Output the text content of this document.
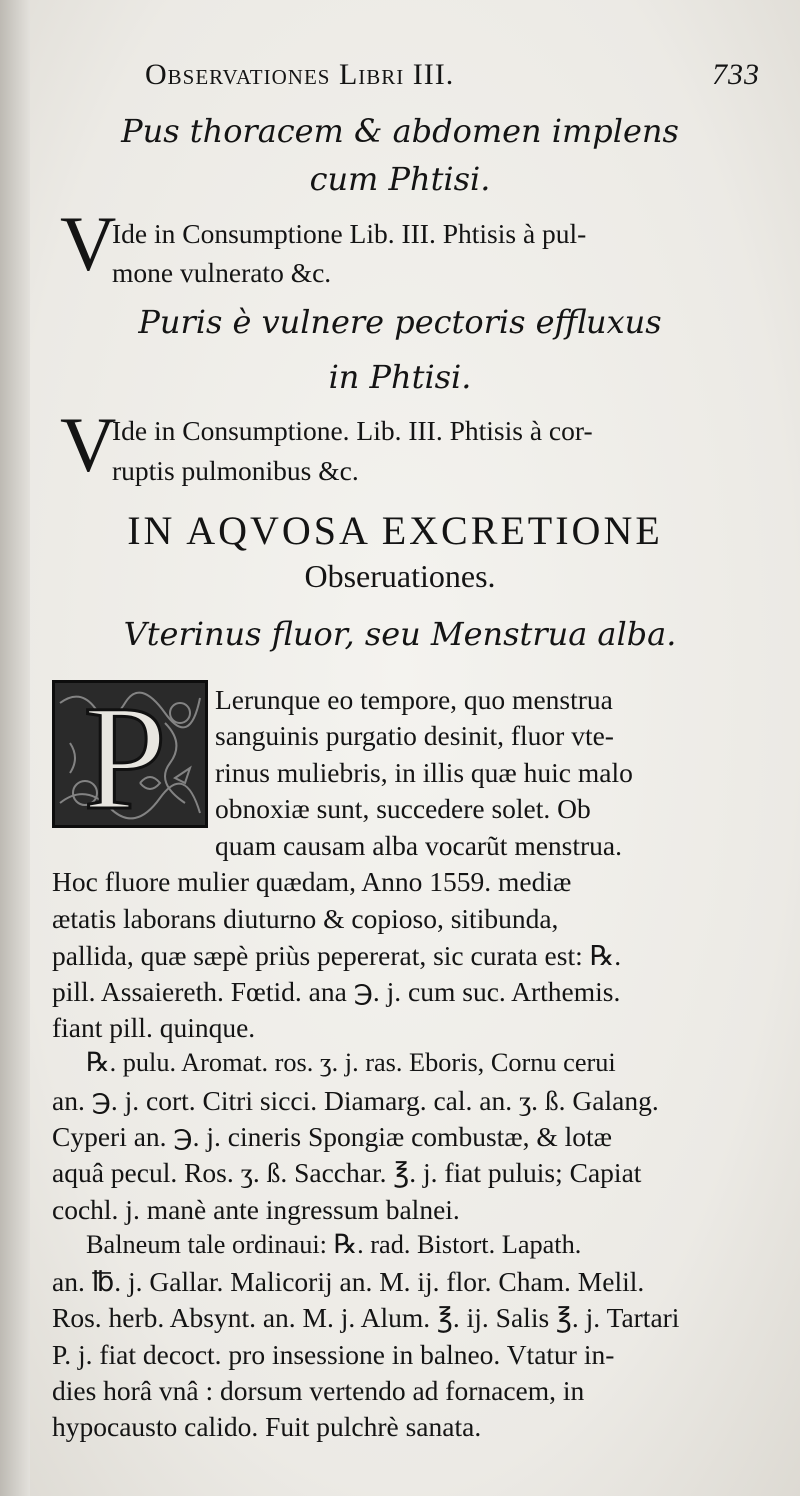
Observationes Libri III.	733
Pus thoracem & abdomen implens
cum Phtisi.
V
Ide in Consumptione Lib. III. Phtisis à pul-
mone vulnerato &c.
Puris è vulnere pectoris effluxus
in Phtisi.
V
Ide in Consumptione. Lib. III. Phtisis à cor-
ruptis pulmonibus &c.
IN AQVOSA EXCRETIONE
Obseruationes.
Vterinus fluor, seu Menstrua alba.
P Lerunque eo tempore, quo menstrua
sanguinis purgatio desinit, fluor vte-
rinus muliebris, in illis quæ huic malo
obnoxiæ sunt, succedere solet. Ob
quam causam alba vocarũt menstrua.
Hoc fluore mulier quædam, Anno 1559. mediæ
ætatis laborans diuturno & copioso, sitibunda,
pallida, quæ sæpè priùs pepererat, sic curata est: ℞.
pill. Assaiereth. Fœtid. ana ℈. j. cum suc. Arthemis.
fiant pill. quinque.
℞. pulu. Aromat. ros. ʒ. j. ras. Eboris, Cornu cerui
an. ℈. j. cort. Citri sicci. Diamarg. cal. an. ʒ. ß. Galang.
Cyperi an. ℈. j. cineris Spongiæ combustæ, & lotæ
aquâ pecul. Ros. ʒ. ß. Sacchar. ℥. j. fiat puluis; Capiat
cochl. j. manè ante ingressum balnei.
Balneum tale ordinaui: ℞. rad. Bistort. Lapath.
an. ℔. j. Gallar. Malicorij an. M. ij. flor. Cham. Melil.
Ros. herb. Absynt. an. M. j. Alum. ℥. ij. Salis ℥. j. Tartari
P. j. fiat decoct. pro insessione in balneo. Vtatur in-
dies horâ vnâ : dorsum vertendo ad fornacem, in
hypocausto calido. Fuit pulchrè sanata.
